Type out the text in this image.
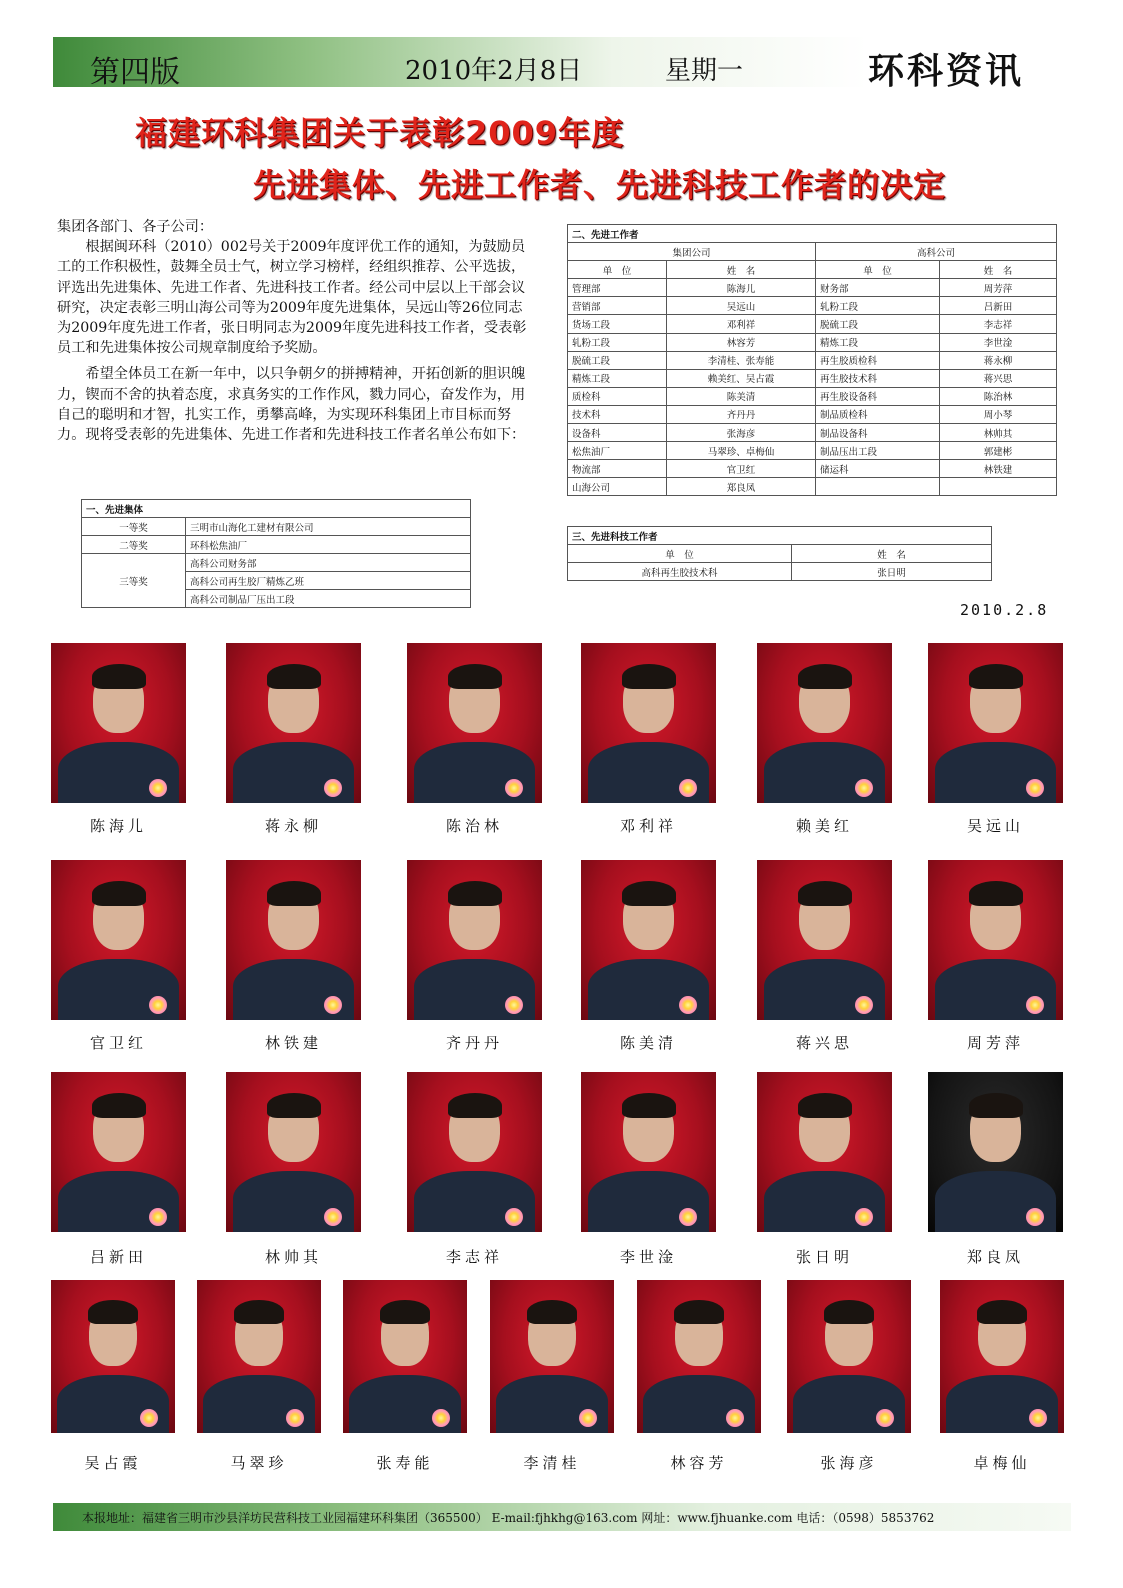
第四版	2010年2月8日	星期一	环科资讯
福建环科集团关于表彰2009年度
先进集体、先进工作者、先进科技工作者的决定

集团各部门、各子公司：

根据闽环科（2010）002号关于2009年度评优工作的通知，为鼓励员工的工作积极性，鼓舞全员士气，树立学习榜样，经组织推荐、公平选拔，评选出先进集体、先进工作者、先进科技工作者。经公司中层以上干部会议研究，决定表彰三明山海公司等为2009年度先进集体，吴远山等26位同志为2009年度先进工作者，张日明同志为2009年度先进科技工作者，受表彰员工和先进集体按公司规章制度给予奖励。

希望全体员工在新一年中，以只争朝夕的拼搏精神，开拓创新的胆识魄力，锲而不舍的执着态度，求真务实的工作作风，戮力同心，奋发作为，用自己的聪明和才智，扎实工作，勇攀高峰，为实现环科集团上市目标而努力。现将受表彰的先进集体、先进工作者和先进科技工作者名单公布如下：

一、先进集体	
一等奖	三明市山海化工建材有限公司
二等奖	环科松焦油厂
三等奖	高科公司财务部
	高科公司再生胶厂精炼乙班
	高科公司制品厂压出工段
二、先进工作者			
集团公司		高科公司	
单　位	姓　名	单　位	姓　名
管理部	陈海儿	财务部	周芳萍
营销部	吴远山	轧粉工段	吕新田
货场工段	邓利祥	脱硫工段	李志祥
轧粉工段	林容芳	精炼工段	李世淦
脱硫工段	李清桂、张寿能	再生胶质检科	蒋永柳
精炼工段	赖美红、吴占霞	再生胶技术科	蒋兴思
质检科	陈美清	再生胶设备科	陈治林
技术科	齐丹丹	制品质检科	周小琴
设备科	张海彦	制品设备科	林帅其
松焦油厂	马翠珍、卓梅仙	制品压出工段	郭建彬
物流部	官卫红	储运科	林铁建
山海公司	郑良凤		
三、先进科技工作者	
单　位	姓　名
高科再生胶技术科	张日明
2010.2.8
陈海儿	蒋永柳	陈治林	邓利祥	赖美红	吴远山
官卫红	林铁建	齐丹丹	陈美清	蒋兴思	周芳萍
吕新田	林帅其	李志祥	李世淦	张日明	郑良凤
吴占霞	马翠珍	张寿能	李清桂	林容芳	张海彦	卓梅仙
本报地址：福建省三明市沙县洋坊民营科技工业园福建环科集团（365500） E-mail:fjhkhg@163.com 网址：www.fjhuanke.com 电话：（0598）5853762
